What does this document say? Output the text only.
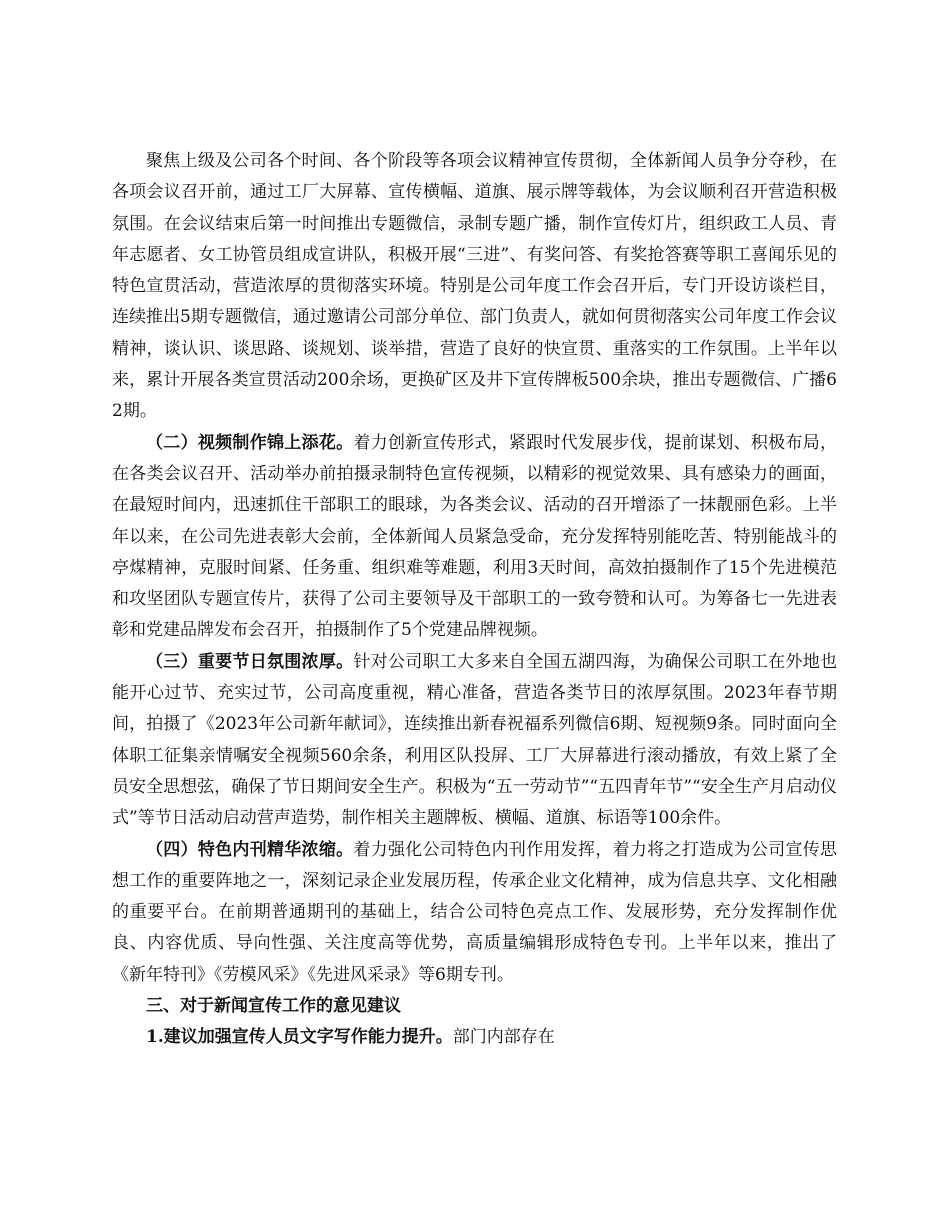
聚焦上级及公司各个时间、各个阶段等各项会议精神宣传贯彻，全体新闻人员争分夺秒，在各项会议召开前，通过工厂大屏幕、宣传横幅、道旗、展示牌等载体，为会议顺利召开营造积极氛围。在会议结束后第一时间推出专题微信，录制专题广播，制作宣传灯片，组织政工人员、青年志愿者、女工协管员组成宣讲队，积极开展“三进”、有奖问答、有奖抢答赛等职工喜闻乐见的特色宣贯活动，营造浓厚的贯彻落实环境。特别是公司年度工作会召开后，专门开设访谈栏目，连续推出5期专题微信，通过邀请公司部分单位、部门负责人，就如何贯彻落实公司年度工作会议精神，谈认识、谈思路、谈规划、谈举措，营造了良好的快宣贯、重落实的工作氛围。上半年以来，累计开展各类宣贯活动200余场，更换矿区及井下宣传牌板500余块，推出专题微信、广播62期。

（二）视频制作锦上添花。着力创新宣传形式，紧跟时代发展步伐，提前谋划、积极布局，在各类会议召开、活动举办前拍摄录制特色宣传视频，以精彩的视觉效果、具有感染力的画面，在最短时间内，迅速抓住干部职工的眼球，为各类会议、活动的召开增添了一抹靓丽色彩。上半年以来，在公司先进表彰大会前，全体新闻人员紧急受命，充分发挥特别能吃苦、特别能战斗的亭煤精神，克服时间紧、任务重、组织难等难题，利用3天时间，高效拍摄制作了15个先进模范和攻坚团队专题宣传片，获得了公司主要领导及干部职工的一致夸赞和认可。为筹备七一先进表彰和党建品牌发布会召开，拍摄制作了5个党建品牌视频。

（三）重要节日氛围浓厚。针对公司职工大多来自全国五湖四海，为确保公司职工在外地也能开心过节、充实过节，公司高度重视，精心准备，营造各类节日的浓厚氛围。2023年春节期间，拍摄了《2023年公司新年献词》，连续推出新春祝福系列微信6期、短视频9条。同时面向全体职工征集亲情嘱安全视频560余条，利用区队投屏、工厂大屏幕进行滚动播放，有效上紧了全员安全思想弦，确保了节日期间安全生产。积极为“五一劳动节”“五四青年节”“安全生产月启动仪式”等节日活动启动营声造势，制作相关主题牌板、横幅、道旗、标语等100余件。

（四）特色内刊精华浓缩。着力强化公司特色内刊作用发挥，着力将之打造成为公司宣传思想工作的重要阵地之一，深刻记录企业发展历程，传承企业文化精神，成为信息共享、文化相融的重要平台。在前期普通期刊的基础上，结合公司特色亮点工作、发展形势，充分发挥制作优良、内容优质、导向性强、关注度高等优势，高质量编辑形成特色专刊。上半年以来，推出了《新年特刊》《劳模风采》《先进风采录》等6期专刊。

三、对于新闻宣传工作的意见建议

1.建议加强宣传人员文字写作能力提升。部门内部存在
